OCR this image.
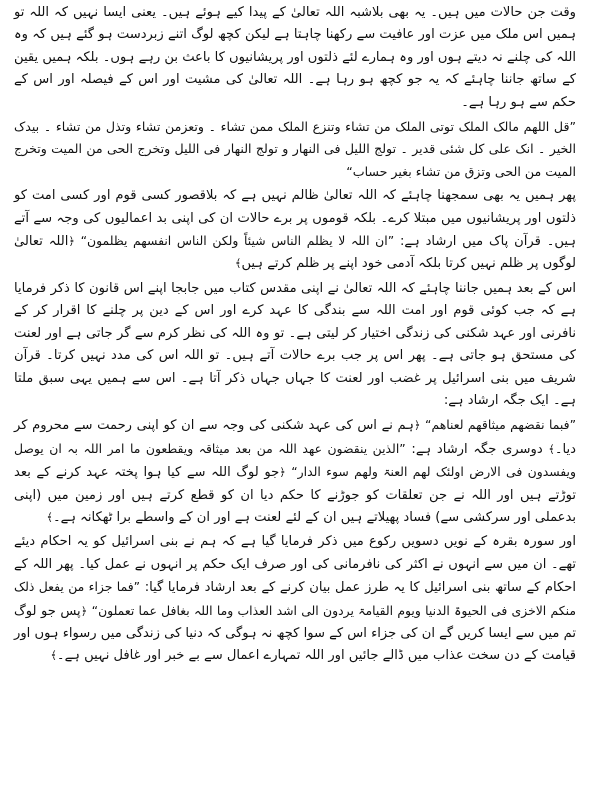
وقت جن حالات میں ہیں۔ یہ بھی بلاشبہ اللہ تعالیٰ کے پیدا کیے ہوئے ہیں۔ یعنی ایسا نہیں کہ اللہ تو ہمیں اس ملک میں عزت اور عافیت سے رکھنا چاہتا ہے لیکن کچھ لوگ اتنے زبردست ہو گئے ہیں کہ وہ اللہ کی چلنے نہ دیتے ہوں اور وہ ہمارے لئے ذلتوں اور پریشانیوں کا باعث بن رہے ہوں۔ بلکہ ہمیں یقین کے ساتھ جاننا چاہئے کہ یہ جو کچھ ہو رہا ہے۔ اللہ تعالیٰ کی مشیت اور اس کے فیصلہ اور اس کے حکم سے ہو رہا ہے۔

”قل اللھم مالک الملک توتی الملک من تشاء وتنزع الملک ممن تشاء ۔ وتعزمن تشاء وتذل من تشاء ۔ بیدک الخیر ۔ انک علی کل شئی قدیر ۔ تولج اللیل فی النھار و تولج النھار فی اللیل وتخرج الحی من المیت وتخرج المیت من الحی وتزق من تشاء بغیر حساب“

پھر ہمیں یہ بھی سمجھنا چاہئے کہ اللہ تعالیٰ ظالم نہیں ہے کہ بلاقصور کسی قوم اور کسی امت کو ذلتوں اور پریشانیوں میں مبتلا کرے۔ بلکہ قوموں پر برے حالات ان کی اپنی بد اعمالیوں کی وجہ سے آتے ہیں۔ قرآن پاک میں ارشاد ہے: ”ان اللہ لا یظلم الناس شیئاً ولکن الناس انفسھم یظلمون“ ﴿اللہ تعالیٰ لوگوں پر ظلم نہیں کرتا بلکہ آدمی خود اپنے پر ظلم کرتے ہیں﴾

اس کے بعد ہمیں جاننا چاہئے کہ اللہ تعالیٰ نے اپنی مقدس کتاب میں جابجا اپنے اس قانون کا ذکر فرمایا ہے کہ جب کوئی قوم اور امت اللہ سے بندگی کا عہد کرے اور اس کے دین پر چلنے کا اقرار کر کے نافرنی اور عہد شکنی کی زندگی اختیار کر لیتی ہے۔ تو وہ اللہ کی نظر کرم سے گر جاتی ہے اور لعنت کی مستحق ہو جاتی ہے۔ پھر اس پر جب برے حالات آتے ہیں۔ تو اللہ اس کی مدد نہیں کرتا۔ قرآن شریف میں بنی اسرائیل پر غضب اور لعنت کا جہاں جہاں ذکر آتا ہے۔ اس سے ہمیں یہی سبق ملتا ہے۔ ایک جگہ ارشاد ہے:

”فبما نقضھم میثاقھم لعناھم“ ﴿ہم نے اس کی عہد شکنی کی وجہ سے ان کو اپنی رحمت سے محروم کر دیا۔﴾ دوسری جگہ ارشاد ہے: ”الذین ینقضون عھد اللہ من بعد میثاقہ ویقطعون ما امر اللہ بہ ان یوصل ویفسدون فی الارض اولئک لھم العنۃ ولھم سوء الدار“ ﴿جو لوگ اللہ سے کیا ہوا پختہ عہد کرنے کے بعد توڑتے ہیں اور اللہ نے جن تعلقات کو جوڑنے کا حکم دیا ان کو قطع کرتے ہیں اور زمین میں (اپنی بدعملی اور سرکشی سے) فساد پھیلاتے ہیں ان کے لئے لعنت ہے اور ان کے واسطے برا ٹھکانہ ہے۔﴾

اور سورہ بقرہ کے نویں دسویں رکوع میں ذکر فرمایا گیا ہے کہ ہم نے بنی اسرائیل کو یہ احکام دیئے تھے۔ ان میں سے انہوں نے اکثر کی نافرمانی کی اور صرف ایک حکم پر انہوں نے عمل کیا۔ پھر اللہ کے احکام کے ساتھ بنی اسرائیل کا یہ طرز عمل بیان کرنے کے بعد ارشاد فرمایا گیا: ”فما جزاء من یفعل ذلک منکم الاخزی فی الحیوۃ الدنیا ویوم القیامۃ یردون الی اشد العذاب وما اللہ بغافل عما تعملون“ ﴿پس جو لوگ تم میں سے ایسا کریں گے ان کی جزاء اس کے سوا کچھ نہ ہوگی کہ دنیا کی زندگی میں رسواء ہوں اور قیامت کے دن سخت عذاب میں ڈالے جائیں اور اللہ تمہارے اعمال سے بے خبر اور غافل نہیں ہے۔﴾
